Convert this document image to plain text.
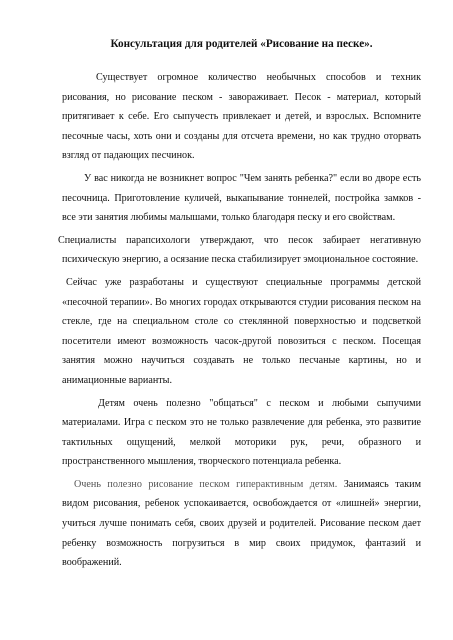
Консультация для родителей «Рисование на песке».

Существует огромное количество необычных способов и техник рисования, но рисование песком - завораживает. Песок - материал, который притягивает к себе. Его сыпучесть привлекает и детей, и взрослых. Вспомните песочные часы, хоть они и созданы для отсчета времени, но как трудно оторвать взгляд от падающих песчинок.

У вас никогда не возникнет вопрос "Чем занять ребенка?" если во дворе есть песочница. Приготовление куличей, выкапывание тоннелей, постройка замков - все эти занятия любимы малышами, только благодаря песку и его свойствам.

Специалисты парапсихологи утверждают, что песок забирает негативную психическую энергию, а осязание песка стабилизирует эмоциональное состояние.

Сейчас уже разработаны и существуют специальные программы детской «песочной терапии». Во многих городах открываются студии рисования песком на стекле, где на специальном столе со стеклянной поверхностью и подсветкой посетители имеют возможность часок-другой повозиться с песком. Посещая занятия можно научиться создавать не только песчаные картины, но и анимационные варианты.

Детям очень полезно "общаться" с песком и любыми сыпучими материалами. Игра с песком это не только развлечение для ребенка, это развитие тактильных ощущений, мелкой моторики рук, речи, образного и пространственного мышления, творческого потенциала ребенка.

Очень полезно рисование песком гиперактивным детям. Занимаясь таким видом рисования, ребенок успокаивается, освобождается от «лишней» энергии, учиться лучше понимать себя, своих друзей и родителей. Рисование песком дает ребенку возможность погрузиться в мир своих придумок, фантазий и воображений.
